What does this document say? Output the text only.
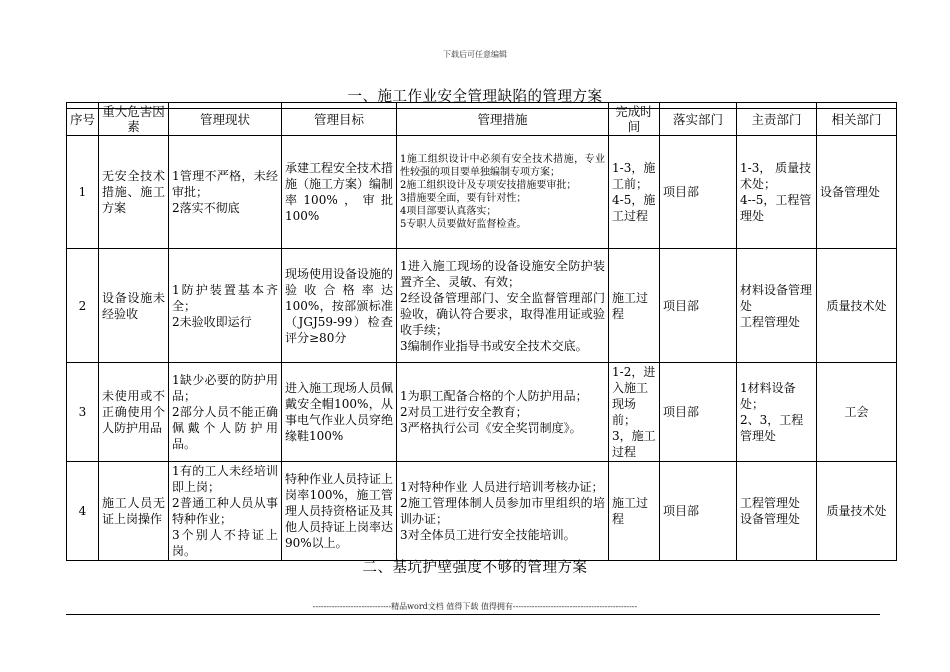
下载后可任意编辑
一、施工作业安全管理缺陷的管理方案
序号	重大危害因素	管理现状	管理目标	管理措施	完成时间	落实部门	主责部门	相关部门
1	无安全技术措施、施工方案	1管理不严格，未经审批；
2落实不彻底	承建工程安全技术措施（施工方案）编制率100%，审批100%	1施工组织设计中必须有安全技术措施，专业性较强的项目要单独编制专项方案；
2施工组织设计及专项安技措施要审批；
3措施要全面，要有针对性；
4项目部要认真落实；
5专职人员要做好监督检查。	1-3，施工前；
4-5，施工过程	项目部	1-3， 质量技术处；
4--5，工程管理处	设备管理处
2	设备设施未经验收	1防护装置基本齐全；
2未验收即运行	现场使用设备设施的验收合格率达100%，按部颁标准（JGJ59-99）检查评分≥80分	1进入施工现场的设备设施安全防护装置齐全、灵敏、有效；
2经设备管理部门、安全监督管理部门验收，确认符合要求，取得准用证或验收手续；
3编制作业指导书或安全技术交底。	施工过程	项目部	材料设备管理处
工程管理处	质量技术处
3	未使用或不正确使用个人防护用品	1缺少必要的防护用品；
2部分人员不能正确佩戴个人防护用品。	进入施工现场人员佩戴安全帽100%，从事电气作业人员穿绝缘鞋100%	1为职工配备合格的个人防护用品；
2对员工进行安全教育；
3严格执行公司《安全奖罚制度》。	1-2，进入施工现场前；
3，施工过程	项目部	1材料设备处；
2、3，工程管理处	工会
4	施工人员无证上岗操作	1有的工人未经培训即上岗；
2普通工种人员从事特种作业；
3个别人不持证上岗。	特种作业人员持证上岗率100%，施工管理人员持资格证及其他人员持证上岗率达90%以上。	1对特种作业 人员进行培训考核办证；
2施工管理体制人员参加市里组织的培训办证；
3对全体员工进行安全技能培训。	施工过程	项目部	工程管理处
设备管理处	质量技术处
二、基坑护壁强度不够的管理方案
-----------------------------精品word文档 值得下载 值得拥有----------------------------------------------
